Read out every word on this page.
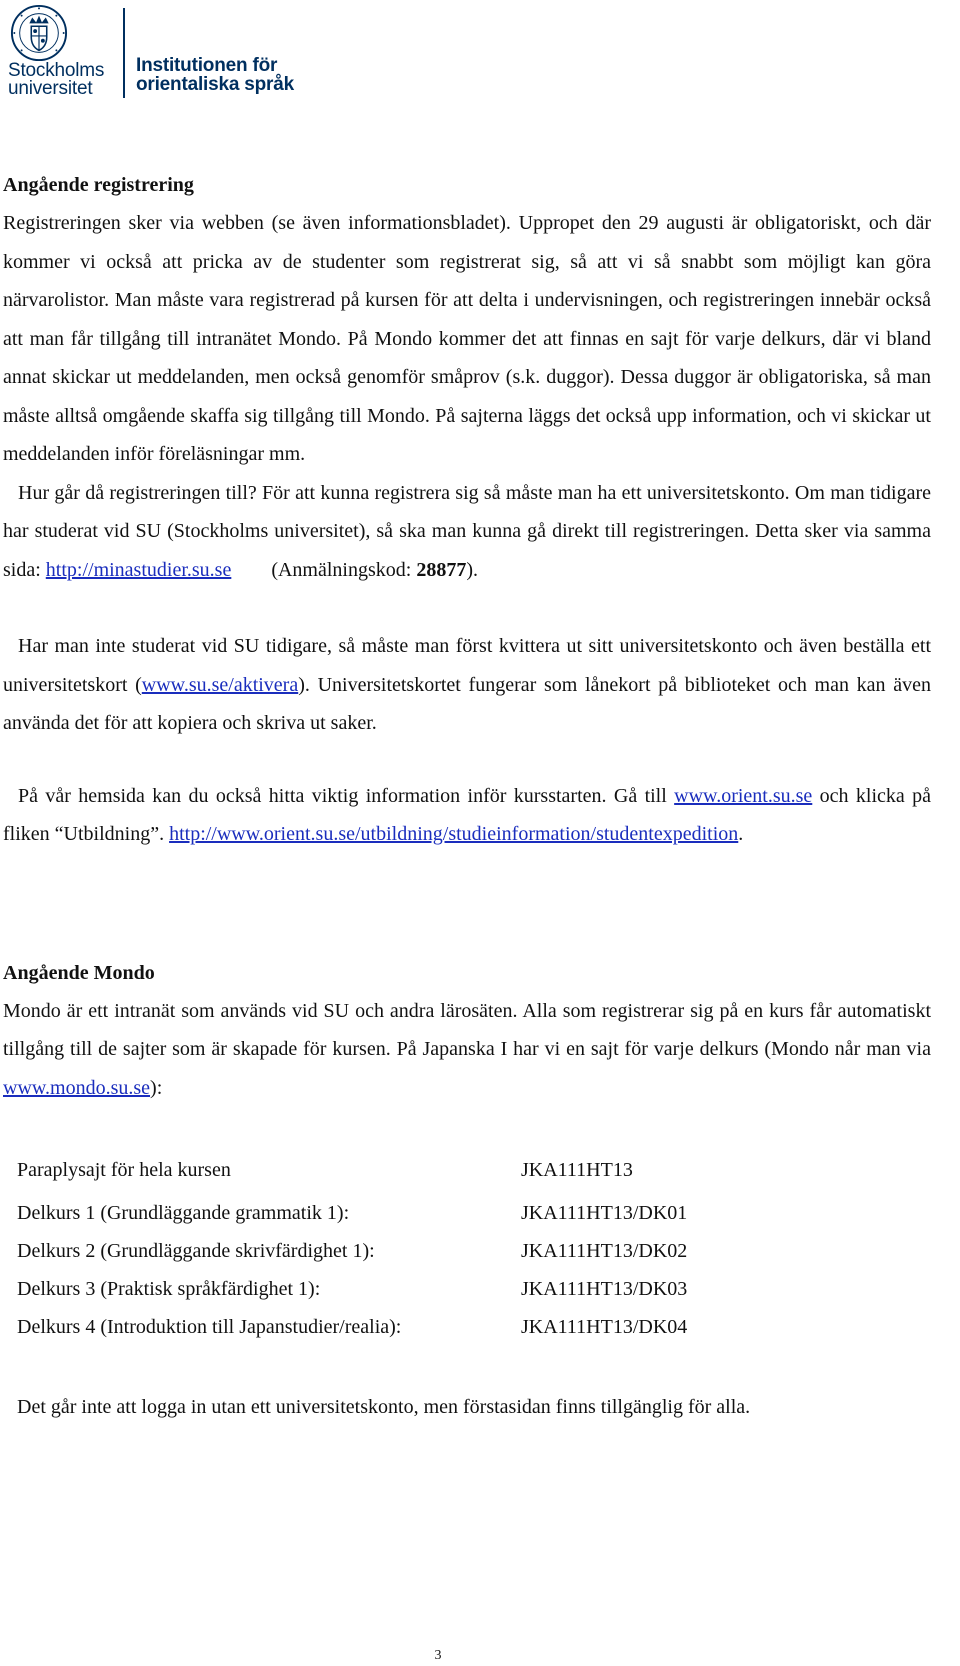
Stockholms
universitet
Institutionen för
orientaliska språk

Angående registrering

Registreringen sker via webben (se även informationsbladet). Uppropet den 29 augusti är obligatoriskt, och där kommer vi också att pricka av de studenter som registrerat sig, så att vi så snabbt som möjligt kan göra närvarolistor. Man måste vara registrerad på kursen för att delta i undervisningen, och registreringen innebär också att man får tillgång till intranätet Mondo. På Mondo kommer det att finnas en sajt för varje delkurs, där vi bland annat skickar ut meddelanden, men också genomför småprov (s.k. duggor). Dessa duggor är obligatoriska, så man måste alltså omgående skaffa sig tillgång till Mondo. På sajterna läggs det också upp information, och vi skickar ut meddelanden inför föreläsningar mm.

Hur går då registreringen till? För att kunna registrera sig så måste man ha ett universitetskonto. Om man tidigare har studerat vid SU (Stockholms universitet), så ska man kunna gå direkt till registreringen. Detta sker via samma sida: http://minastudier.su.se   (Anmälningskod: 28877).

Har man inte studerat vid SU tidigare, så måste man först kvittera ut sitt universitetskonto och även beställa ett universitetskort (www.su.se/aktivera). Universitetskortet fungerar som lånekort på biblioteket och man kan även använda det för att kopiera och skriva ut saker.

På vår hemsida kan du också hitta viktig information inför kursstarten. Gå till www.orient.su.se och klicka på fliken “Utbildning”. http://www.orient.su.se/utbildning/studieinformation/studentexpedition.

Angående Mondo

Mondo är ett intranät som används vid SU och andra lärosäten. Alla som registrerar sig på en kurs får automatiskt tillgång till de sajter som är skapade för kursen. På Japanska I har vi en sajt för varje delkurs (Mondo når man via www.mondo.su.se):

Paraplysajt för hela kursen	JKA111HT13
Delkurs 1 (Grundläggande grammatik 1):	JKA111HT13/DK01
Delkurs 2 (Grundläggande skrivfärdighet 1):	JKA111HT13/DK02
Delkurs 3 (Praktisk språkfärdighet 1):	JKA111HT13/DK03
Delkurs 4 (Introduktion till Japanstudier/realia):	JKA111HT13/DK04

Det går inte att logga in utan ett universitetskonto, men förstasidan finns tillgänglig för alla.

3
